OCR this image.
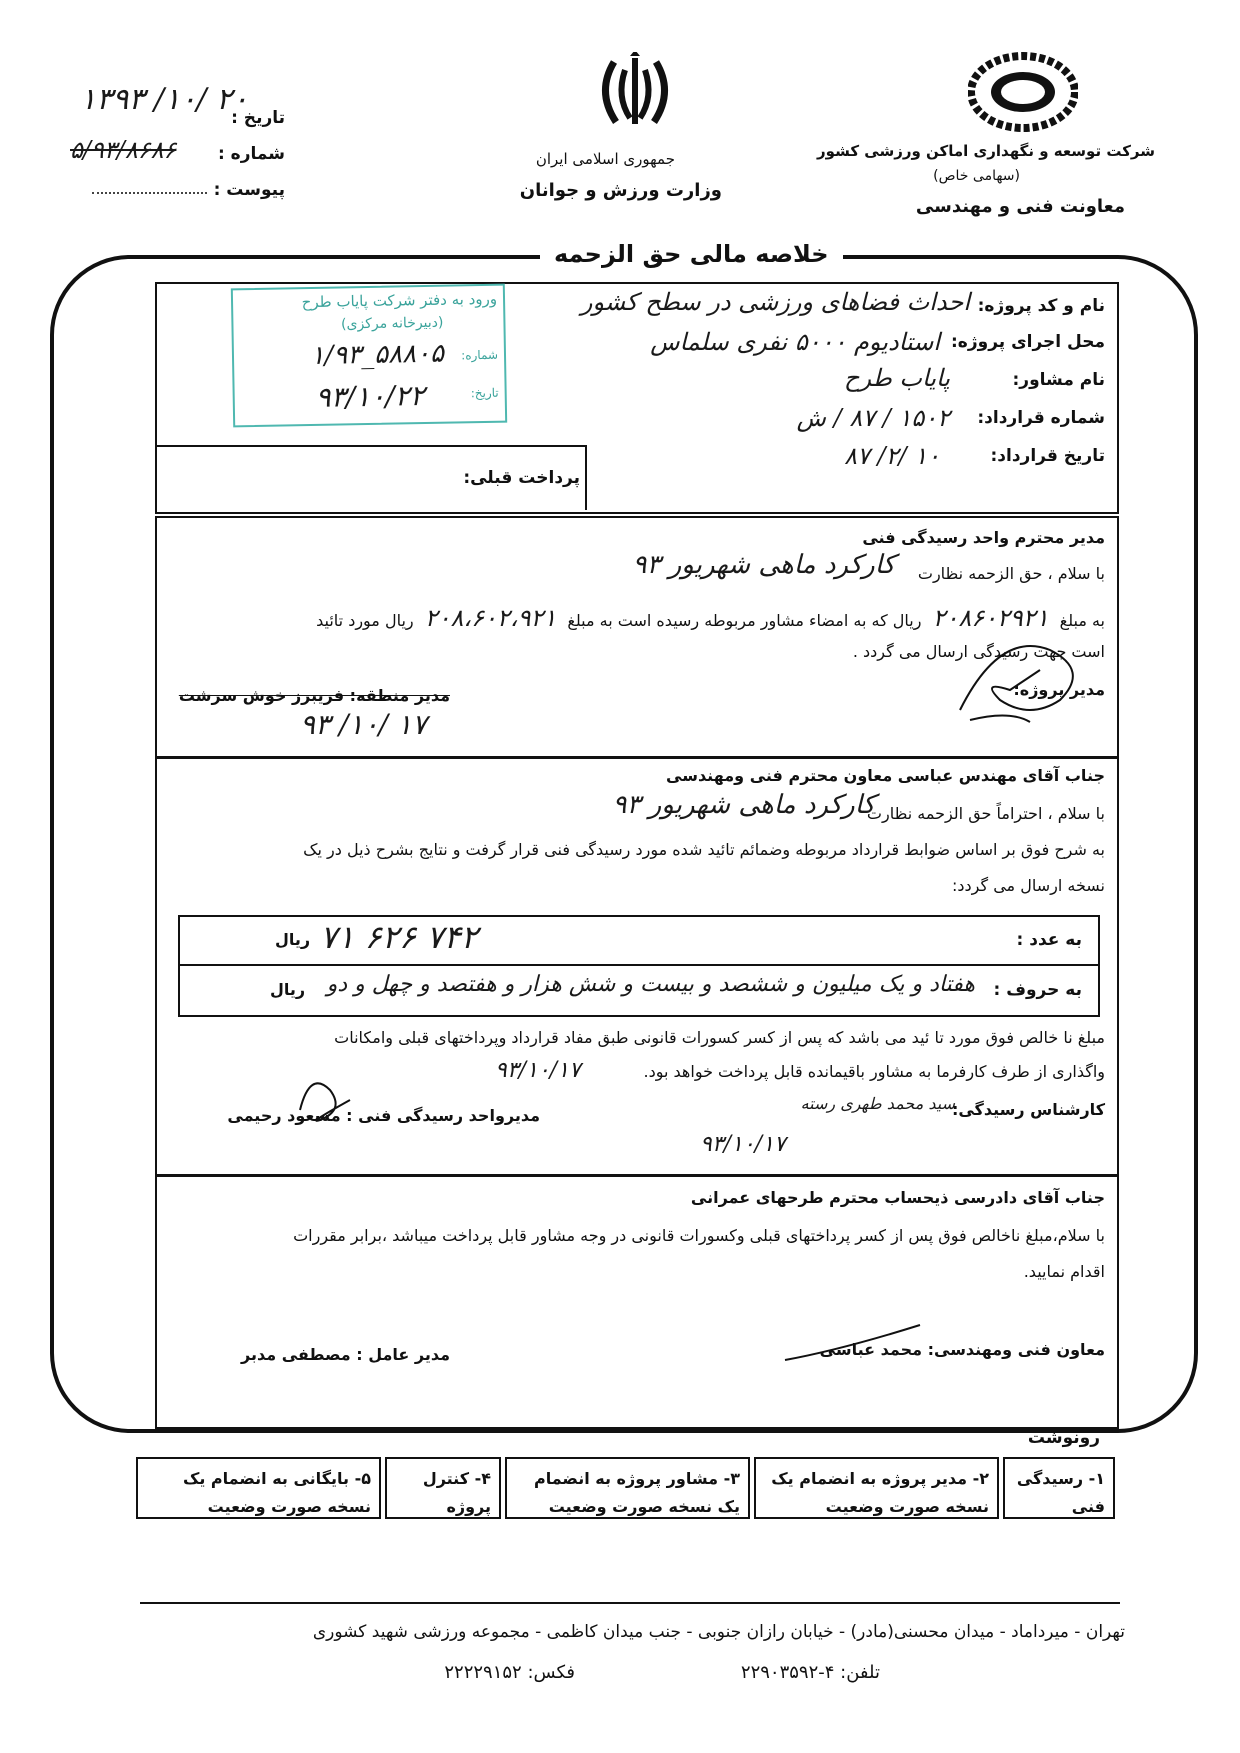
شرکت توسعه و نگهداری اماکن ورزشی کشور
(سهامی خاص)
معاونت فنی و مهندسی
جمهوری اسلامی ایران
وزارت ورزش و جوانان
تاریخ :
۱۳۹۳ /۱۰/ ۲۰
شماره :
۵/۹۳/۸۶۸۶
پیوست :
خلاصه مالی حق الزحمه
ورود به دفتر شرکت پایاب طرح
(دبیرخانه مرکزی)
شماره:
۱/۹۳_۵۸۸۰۵
تاریخ:
۹۳/۱۰/۲۲
نام و کد پروژه:
احداث فضاهای ورزشی در سطح کشور
محل اجرای پروژه:
استادیوم ۵۰۰۰ نفری سلماس
نام مشاور:
پایاب طرح
شماره قرارداد:
۱۵۰۲ / ۸۷ / ش
تاریخ قرارداد:
۸۷ /۲/ ۱۰
پرداخت قبلی:
مدیر محترم واحد رسیدگی فنی
با سلام ، حق الزحمه نظارت
کارکرد ماهی شهریور ۹۳
به مبلغ ۲۰۸۶۰۲۹۲۱ ریال که به امضاء مشاور مربوطه رسیده است به مبلغ ۲۰۸،۶۰۲،۹۲۱ ریال مورد تائید
است جهت رسیدگی ارسال می گردد .
مدیر منطقه: فریبرز خوش سرشت	مدیر پروژه:
۹۳ /۱۰/ ۱۷
جناب آقای مهندس عباسی معاون محترم فنی ومهندسی
با سلام ، احتراماً حق الزحمه نظارت
کارکرد ماهی شهریور ۹۳
به شرح فوق بر اساس ضوابط قرارداد مربوطه وضمائم تائید شده مورد رسیدگی فنی قرار گرفت و نتایج بشرح ذیل در یک
نسخه ارسال می گردد:
به عدد :
۷۱ ۶۲۶ ۷۴۲
ریال
به حروف :
هفتاد و یک میلیون و ششصد و بیست و شش هزار و هفتصد و چهل و دو
ریال
مبلغ نا خالص فوق مورد تا ئید می باشد که پس از کسر کسورات قانونی طبق مفاد قرارداد وپرداختهای قبلی وامکانات
واگذاری از طرف کارفرما به مشاور باقیمانده قابل پرداخت خواهد بود.
کارشناس رسیدگی:
سید محمد طهری رسته
مدیرواحد رسیدگی فنی : مسعود رحیمی
۹۳/۱۰/۱۷
۹۳/۱۰/۱۷
جناب آقای دادرسی ذیحساب محترم طرحهای عمرانی
با سلام،مبلغ ناخالص فوق پس از کسر پرداختهای قبلی وکسورات قانونی در وجه مشاور قابل پرداخت میباشد ،برابر مقررات
اقدام نمایید.
معاون فنی ومهندسی: محمد عباسی
مدیر عامل : مصطفی مدبر
رونوشت
۱- رسیدگی فنی
۲- مدیر پروژه به انضمام یک نسخه صورت وضعیت
۳- مشاور پروژه به انضمام یک نسخه صورت وضعیت
۴- کنترل پروژه
۵- بایگانی به انضمام یک نسخه صورت وضعیت
تهران - میرداماد - میدان محسنی(مادر) - خیابان رازان جنوبی - جنب میدان کاظمی - مجموعه ورزشی شهید کشوری
تلفن: ۴-۲۲۹۰۳۵۹۲
فکس: ۲۲۲۲۹۱۵۲
